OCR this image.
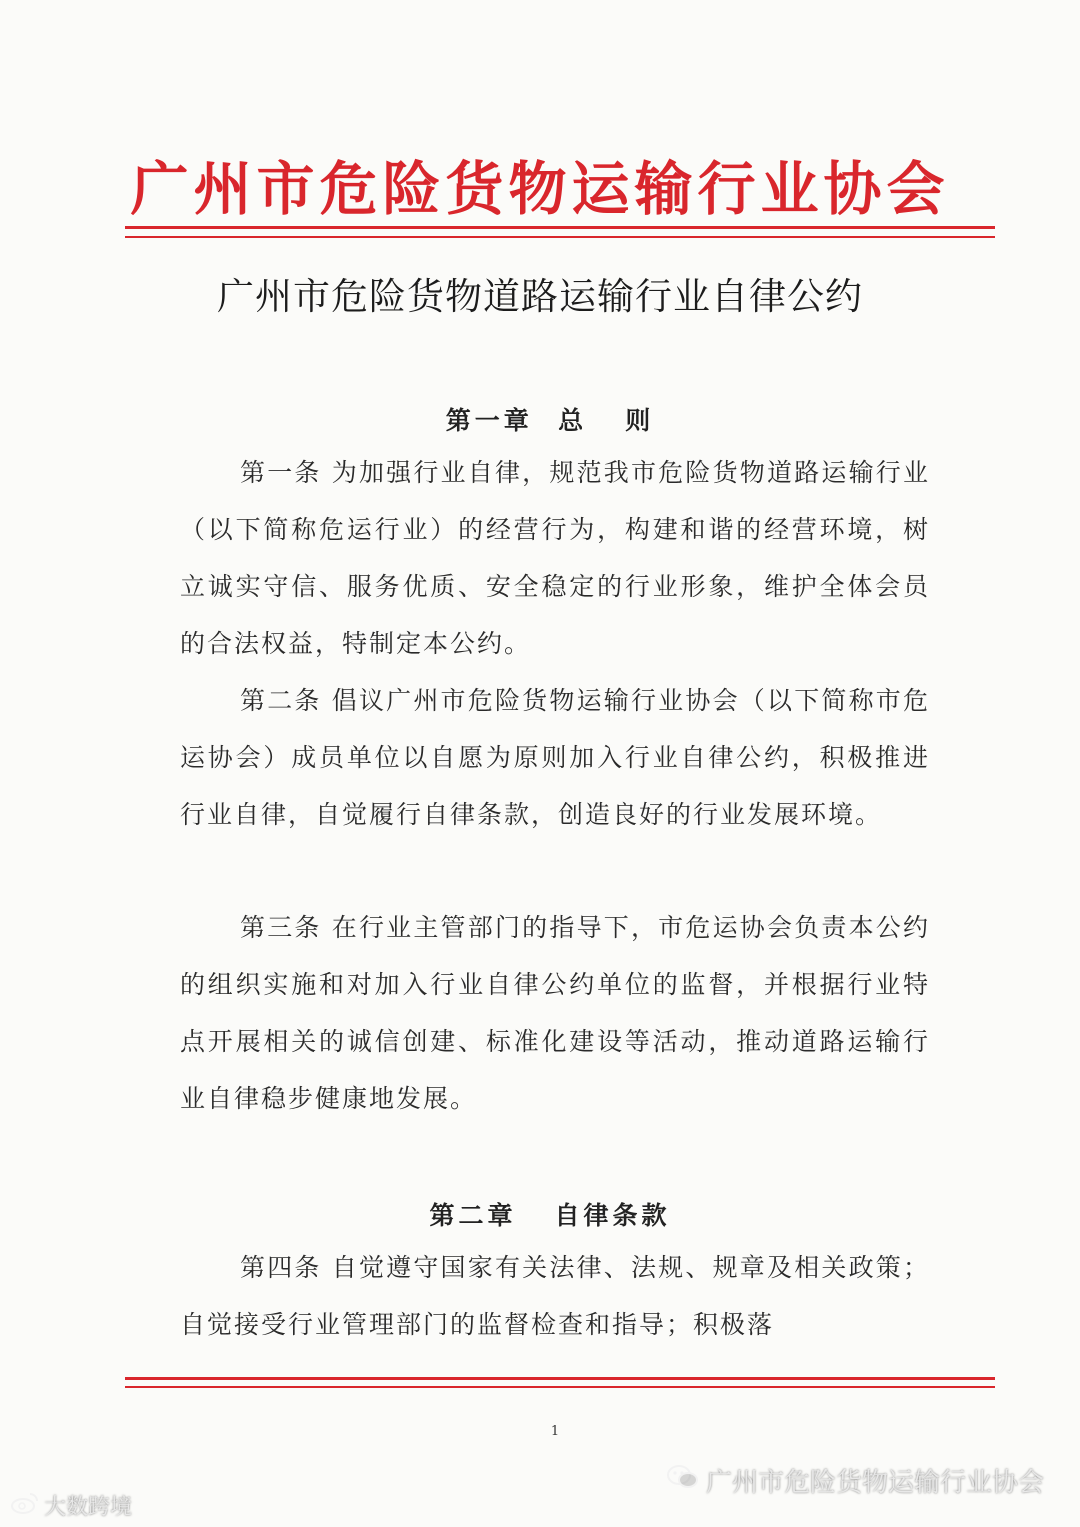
广州市危险货物运输行业协会
广州市危险货物道路运输行业自律公约
第一章  总   则

第一条 为加强行业自律，规范我市危险货物道路运输行业（以下简称危运行业）的经营行为，构建和谐的经营环境，树立诚实守信、服务优质、安全稳定的行业形象，维护全体会员的合法权益，特制定本公约。

第二条 倡议广州市危险货物运输行业协会（以下简称市危运协会）成员单位以自愿为原则加入行业自律公约，积极推进行业自律，自觉履行自律条款，创造良好的行业发展环境。

第三条 在行业主管部门的指导下，市危运协会负责本公约的组织实施和对加入行业自律公约单位的监督，并根据行业特点开展相关的诚信创建、标准化建设等活动，推动道路运输行业自律稳步健康地发展。

第二章   自律条款

第四条 自觉遵守国家有关法律、法规、规章及相关政策；自觉接受行业管理部门的监督检查和指导；积极落

1
广州市危险货物运输行业协会
大数跨境
